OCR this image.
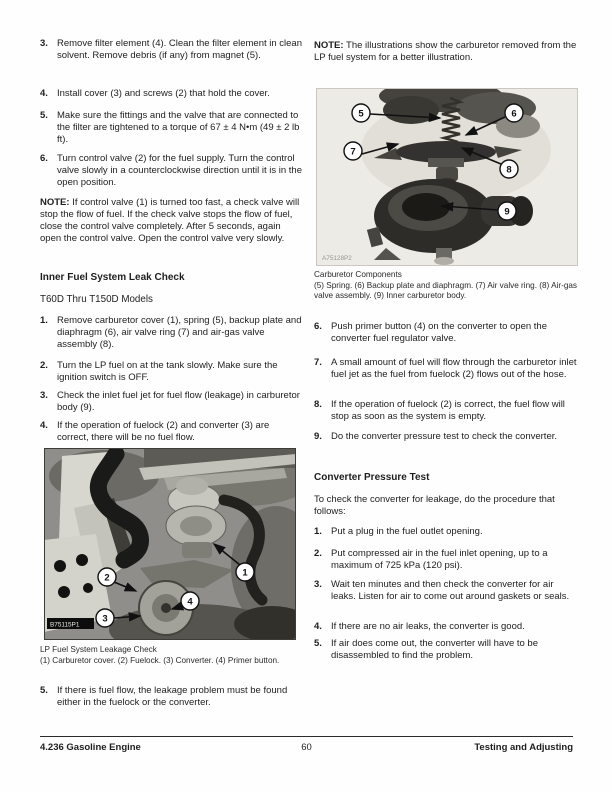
3. Remove filter element (4). Clean the filter element in clean solvent. Remove debris (if any) from magnet (5).
4. Install cover (3) and screws (2) that hold the cover.
5. Make sure the fittings and the valve that are connected to the filter are tightened to a torque of 67 ± 4 N•m (49 ± 2 lb ft).
6. Turn control valve (2) for the fuel supply. Turn the control valve slowly in a counterclockwise direction until it is in the open position.
NOTE: If control valve (1) is turned too fast, a check valve will stop the flow of fuel. If the check valve stops the flow of fuel, close the control valve completely. After 5 seconds, again open the control valve. Open the control valve very slowly.
Inner Fuel System Leak Check
T60D Thru T150D Models
1. Remove carburetor cover (1), spring (5), backup plate and diaphragm (6), air valve ring (7) and air-gas valve assembly (8).
2. Turn the LP fuel on at the tank slowly. Make sure the ignition switch is OFF.
3. Check the inlet fuel jet for fuel flow (leakage) in carburetor body (9).
4. If the operation of fuelock (2) and converter (3) are correct, there will be no fuel flow.
1
2
3
4
B75115P1
LP Fuel System Leakage Check
(1) Carburetor cover. (2) Fuelock. (3) Converter. (4) Primer button.
5. If there is fuel flow, the leakage problem must be found either in the fuelock or the converter.
NOTE: The illustrations show the carburetor removed from the LP fuel system for a better illustration.
5	6
7
8
9
A75128P2
Carburetor Components
(5) Spring. (6) Backup plate and diaphragm. (7) Air valve ring. (8) Air-gas valve assembly. (9) Inner carburetor body.
6. Push primer button (4) on the converter to open the converter fuel regulator valve.
7. A small amount of fuel will flow through the carburetor inlet fuel jet as the fuel from fuelock (2) flows out of the hose.
8. If the operation of fuelock (2) is correct, the fuel flow will stop as soon as the system is empty.
9. Do the converter pressure test to check the converter.
Converter Pressure Test
To check the converter for leakage, do the procedure that follows:
1. Put a plug in the fuel outlet opening.
2. Put compressed air in the fuel inlet opening, up to a maximum of 725 kPa (120 psi).
3. Wait ten minutes and then check the converter for air leaks. Listen for air to come out around gaskets or seals.
4. If there are no air leaks, the converter is good.
5. If air does come out, the converter will have to be disassembled to find the problem.
4.236 Gasoline Engine	60	Testing and Adjusting
